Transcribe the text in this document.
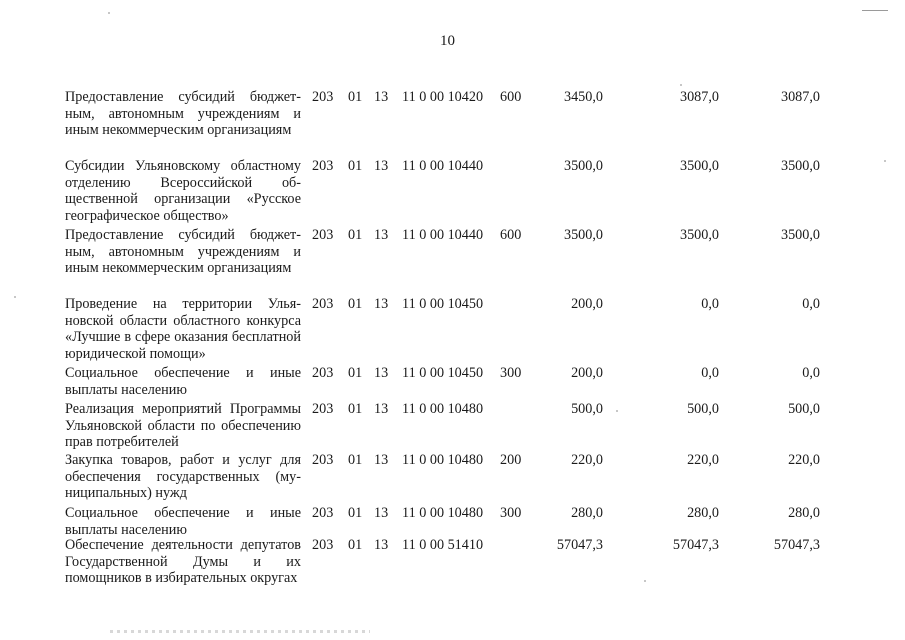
10
Предоставление субсидий бюджетным, автономным учреждениям и иным некоммерческим организациям
203 01 13 11 0 00 10420 600	3450,0	3087,0	3087,0
Субсидии Ульяновскому областному отделению Всероссийской общественной организации «Русское географическое общество»
203 01 13 11 0 00 10440	3500,0	3500,0	3500,0
Предоставление субсидий бюджетным, автономным учреждениям и иным некоммерческим организациям
203 01 13 11 0 00 10440 600	3500,0	3500,0	3500,0
Проведение на территории Ульяновской области областного конкурса «Лучшие в сфере оказания бесплатной юридической помощи»
203 01 13 11 0 00 10450	200,0	0,0	0,0
Социальное обеспечение и иные выплаты населению
203 01 13 11 0 00 10450 300	200,0	0,0	0,0
Реализация мероприятий Программы Ульяновской области по обеспечению прав потребителей
203 01 13 11 0 00 10480	500,0	500,0	500,0
Закупка товаров, работ и услуг для обеспечения государственных (муниципальных) нужд
203 01 13 11 0 00 10480 200	220,0	220,0	220,0
Социальное обеспечение и иные выплаты населению
203 01 13 11 0 00 10480 300	280,0	280,0	280,0
Обеспечение деятельности депутатов Государственной Думы и их помощников в избирательных округах
203 01 13 11 0 00 51410	57047,3	57047,3	57047,3
